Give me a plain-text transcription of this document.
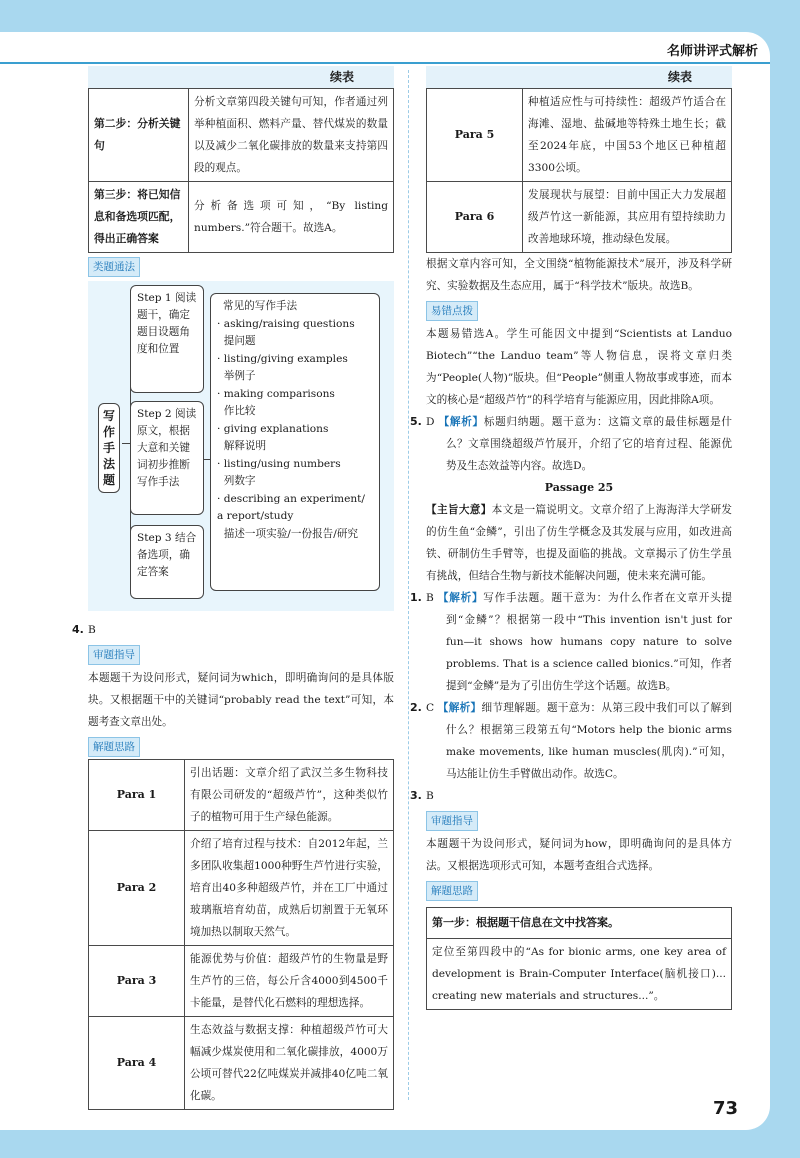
名师讲评式解析
续表
第二步：分析关键句	分析文章第四段关键句可知，作者通过列举种植面积、燃料产量、替代煤炭的数量以及减少二氧化碳排放的数量来支持第四段的观点。
第三步：将已知信息和备选项匹配，得出正确答案	分析备选项可知，“By listing numbers.”符合题干。故选A。
类题通法
写作手法题
Step 1 阅读题干，确定题目设题角度和位置
Step 2 阅读原文，根据大意和关键词初步推断写作手法
Step 3 结合备选项，确定答案
常见的写作手法
· asking/raising questions
提问题
· listing/giving examples
举例子
· making comparisons
作比较
· giving explanations
解释说明
· listing/using numbers
列数字
· describing an experiment/ a report/study
描述一项实验/一份报告/研究
4. B
审题指导
本题题干为设问形式，疑问词为which，即明确询问的是具体版块。又根据题干中的关键词“probably read the text”可知，本题考查文章出处。
解题思路
Para 1	引出话题：文章介绍了武汉兰多生物科技有限公司研发的“超级芦竹”，这种类似竹子的植物可用于生产绿色能源。
Para 2	介绍了培育过程与技术：自2012年起，兰多团队收集超1000种野生芦竹进行实验，培育出40多种超级芦竹，并在工厂中通过玻璃瓶培育幼苗，成熟后切割置于无氧环境加热以制取天然气。
Para 3	能源优势与价值：超级芦竹的生物量是野生芦竹的三倍，每公斤含4000到4500千卡能量，是替代化石燃料的理想选择。
Para 4	生态效益与数据支撑：种植超级芦竹可大幅减少煤炭使用和二氧化碳排放，4000万公顷可替代22亿吨煤炭并减排40亿吨二氧化碳。
续表
Para 5	种植适应性与可持续性：超级芦竹适合在海滩、湿地、盐碱地等特殊土地生长；截至2024年底，中国53个地区已种植超3300公顷。
Para 6	发展现状与展望：目前中国正大力发展超级芦竹这一新能源，其应用有望持续助力改善地球环境，推动绿色发展。
根据文章内容可知，全文围绕“植物能源技术”展开，涉及科学研究、实验数据及生态应用，属于“科学技术”版块。故选B。
易错点拨
本题易错选A。学生可能因文中提到“Scientists at Landuo Biotech”“the Landuo team”等人物信息，误将文章归类为“People(人物)”版块。但“People”侧重人物故事或事迹，而本文的核心是“超级芦竹”的科学培育与能源应用，因此排除A项。
5. D 【解析】标题归纳题。题干意为：这篇文章的最佳标题是什么？文章围绕超级芦竹展开，介绍了它的培育过程、能源优势及生态效益等内容。故选D。
Passage 25
【主旨大意】本文是一篇说明文。文章介绍了上海海洋大学研发的仿生鱼“金鳞”，引出了仿生学概念及其发展与应用，如改进高铁、研制仿生手臂等，也提及面临的挑战。文章揭示了仿生学虽有挑战，但结合生物与新技术能解决问题，使未来充满可能。
1. B 【解析】写作手法题。题干意为：为什么作者在文章开头提到“金鳞”？根据第一段中“This invention isn't just for fun—it shows how humans copy nature to solve problems. That is a science called bionics.”可知，作者提到“金鳞”是为了引出仿生学这个话题。故选B。
2. C 【解析】细节理解题。题干意为：从第三段中我们可以了解到什么？根据第三段第五句“Motors help the bionic arms make movements, like human muscles(肌肉).”可知，马达能让仿生手臂做出动作。故选C。
3. B
审题指导
本题题干为设问形式，疑问词为how，即明确询问的是具体方法。又根据选项形式可知，本题考查组合式选择。
解题思路
第一步：根据题干信息在文中找答案。
定位至第四段中的“As for bionic arms, one key area of development is Brain-Computer Interface(脑机接口)... creating new materials and structures...”。
73
